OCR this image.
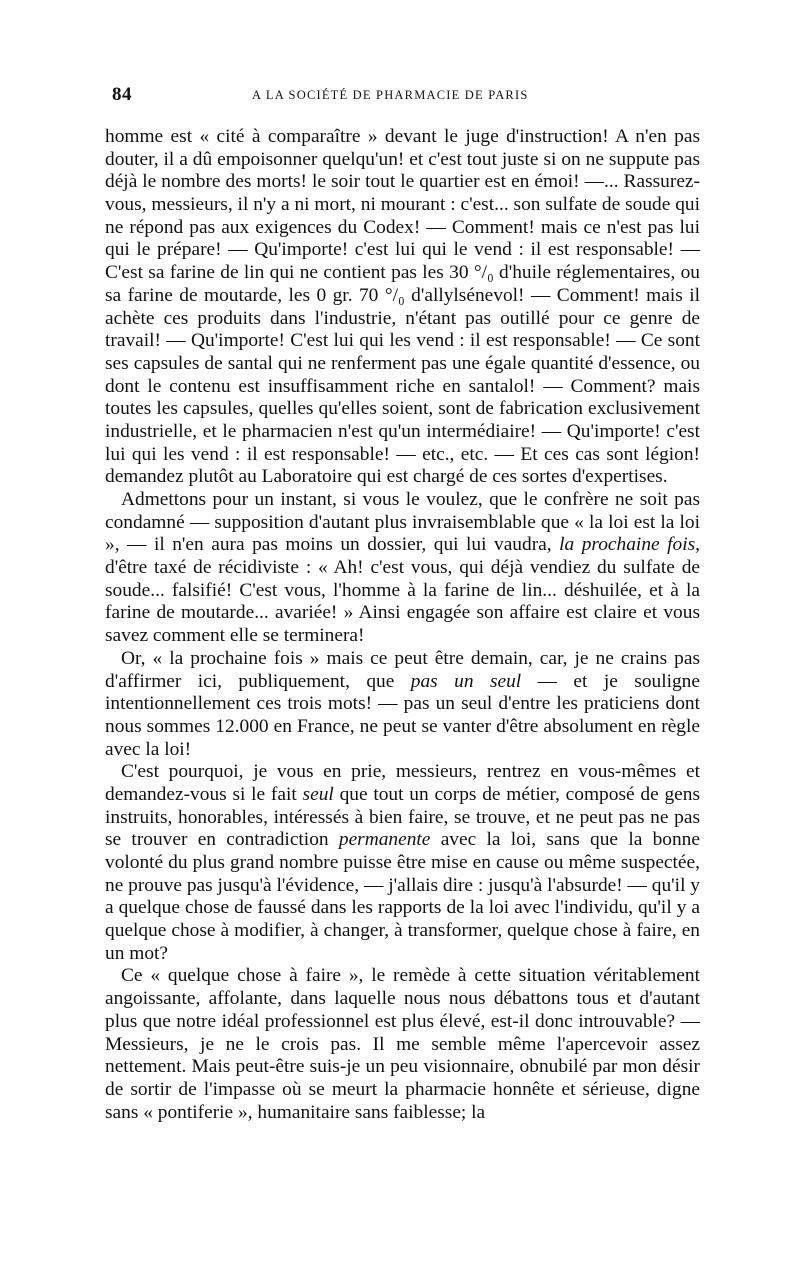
84	A LA SOCIÉTÉ DE PHARMACIE DE PARIS

homme est « cité à comparaître » devant le juge d'instruction! A n'en pas douter, il a dû empoisonner quelqu'un! et c'est tout juste si on ne suppute pas déjà le nombre des morts! le soir tout le quartier est en émoi! —... Rassurez-vous, messieurs, il n'y a ni mort, ni mourant : c'est... son sulfate de soude qui ne répond pas aux exigences du Codex! — Comment! mais ce n'est pas lui qui le prépare! — Qu'importe! c'est lui qui le vend : il est responsable! — C'est sa farine de lin qui ne contient pas les 30 °/₀ d'huile réglementaires, ou sa farine de moutarde, les 0 gr. 70 °/₀ d'allylsénevol! — Comment! mais il achète ces produits dans l'industrie, n'étant pas outillé pour ce genre de travail! — Qu'importe! C'est lui qui les vend : il est responsable! — Ce sont ses capsules de santal qui ne renferment pas une égale quantité d'essence, ou dont le contenu est insuffisamment riche en santalol! — Comment? mais toutes les capsules, quelles qu'elles soient, sont de fabrication exclusivement industrielle, et le pharmacien n'est qu'un intermédiaire! — Qu'importe! c'est lui qui les vend : il est responsable! — etc., etc. — Et ces cas sont légion! demandez plutôt au Laboratoire qui est chargé de ces sortes d'expertises.

Admettons pour un instant, si vous le voulez, que le confrère ne soit pas condamné — supposition d'autant plus invraisemblable que « la loi est la loi », — il n'en aura pas moins un dossier, qui lui vaudra, la prochaine fois, d'être taxé de récidiviste : « Ah! c'est vous, qui déjà vendiez du sulfate de soude... falsifié! C'est vous, l'homme à la farine de lin... déshuilée, et à la farine de moutarde... avariée! » Ainsi engagée son affaire est claire et vous savez comment elle se terminera!

Or, « la prochaine fois » mais ce peut être demain, car, je ne crains pas d'affirmer ici, publiquement, que pas un seul — et je souligne intentionnellement ces trois mots! — pas un seul d'entre les praticiens dont nous sommes 12.000 en France, ne peut se vanter d'être absolument en règle avec la loi!

C'est pourquoi, je vous en prie, messieurs, rentrez en vous-mêmes et demandez-vous si le fait seul que tout un corps de métier, composé de gens instruits, honorables, intéressés à bien faire, se trouve, et ne peut pas ne pas se trouver en contradiction permanente avec la loi, sans que la bonne volonté du plus grand nombre puisse être mise en cause ou même suspectée, ne prouve pas jusqu'à l'évidence, — j'allais dire : jusqu'à l'absurde! — qu'il y a quelque chose de faussé dans les rapports de la loi avec l'individu, qu'il y a quelque chose à modifier, à changer, à transformer, quelque chose à faire, en un mot?

Ce « quelque chose à faire », le remède à cette situation véritablement angoissante, affolante, dans laquelle nous nous débattons tous et d'autant plus que notre idéal professionnel est plus élevé, est-il donc introuvable? — Messieurs, je ne le crois pas. Il me semble même l'apercevoir assez nettement. Mais peut-être suis-je un peu visionnaire, obnubilé par mon désir de sortir de l'impasse où se meurt la pharmacie honnête et sérieuse, digne sans « pontiferie », humanitaire sans faiblesse; la
